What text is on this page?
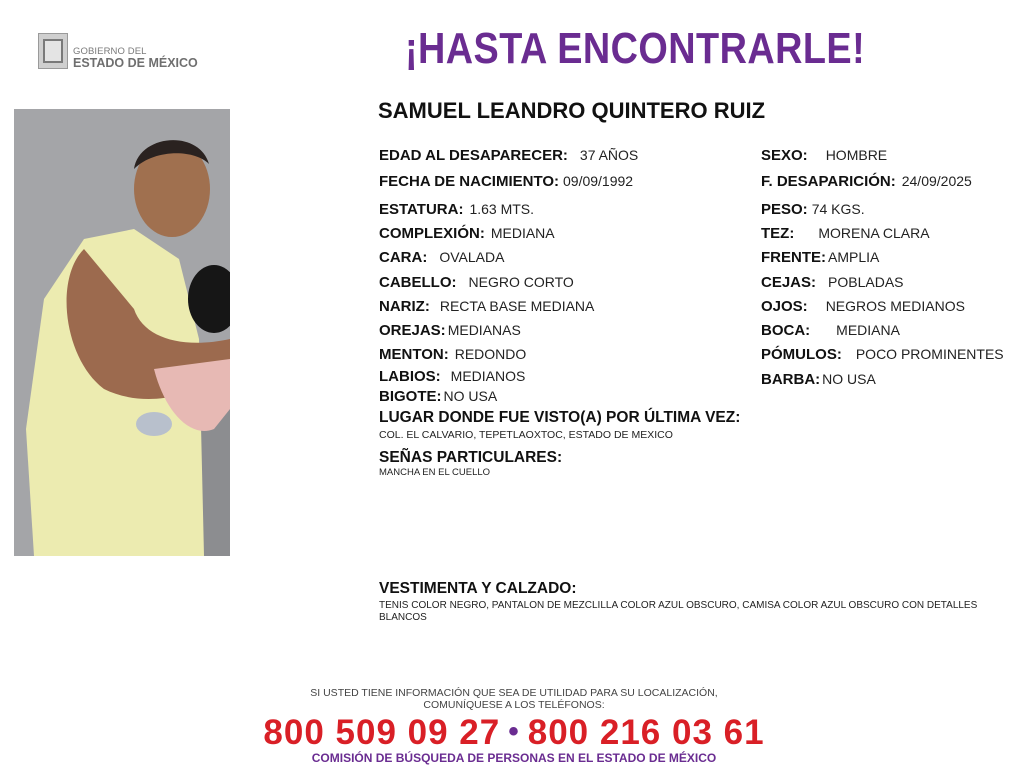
GOBIERNO DEL
ESTADO DE MÉXICO	¡HASTA ENCONTRARLE!
SAMUEL LEANDRO QUINTERO RUIZ
EDAD AL DESAPARECER: 37 AÑOS
FECHA DE NACIMIENTO: 09/09/1992
ESTATURA: 1.63 MTS.
COMPLEXIÓN: MEDIANA
CARA: OVALADA
CABELLO: NEGRO CORTO
NARIZ: RECTA BASE MEDIANA
OREJAS: MEDIANAS
MENTON: REDONDO
LABIOS: MEDIANOS
BIGOTE: NO USA
SEXO: HOMBRE
F. DESAPARICIÓN: 24/09/2025
PESO: 74 KGS.
TEZ: MORENA CLARA
FRENTE: AMPLIA
CEJAS: POBLADAS
OJOS: NEGROS MEDIANOS
BOCA: MEDIANA
PÓMULOS: POCO PROMINENTES
BARBA: NO USA
LUGAR DONDE FUE VISTO(A) POR ÚLTIMA VEZ:
COL. EL CALVARIO, TEPETLAOXTOC, ESTADO DE MEXICO
SEÑAS PARTICULARES:
MANCHA EN EL CUELLO
VESTIMENTA Y CALZADO:
TENIS COLOR NEGRO, PANTALON DE MEZCLILLA COLOR AZUL OBSCURO, CAMISA COLOR AZUL OBSCURO CON DETALLES BLANCOS
SI USTED TIENE INFORMACIÓN QUE SEA DE UTILIDAD PARA SU LOCALIZACIÓN,
COMUNÍQUESE A LOS TELÉFONOS:
800 509 09 27 • 800 216 03 61
COMISIÓN DE BÚSQUEDA DE PERSONAS EN EL ESTADO DE MÉXICO
